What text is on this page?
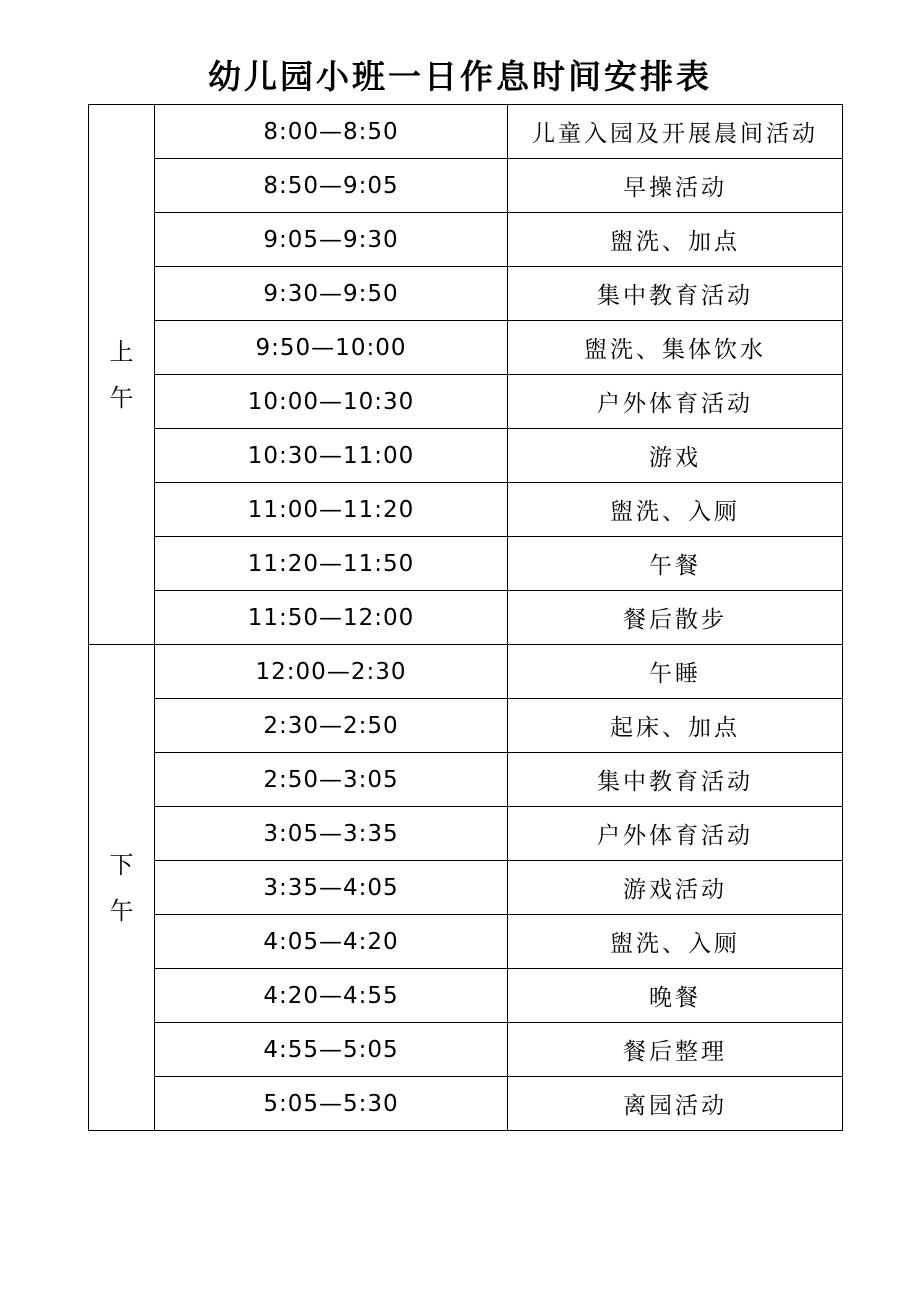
幼儿园小班一日作息时间安排表
上
午	8:00—8:50	儿童入园及开展晨间活动
	8:50—9:05	早操活动
	9:05—9:30	盥洗、加点
	9:30—9:50	集中教育活动
	9:50—10:00	盥洗、集体饮水
	10:00—10:30	户外体育活动
	10:30—11:00	游戏
	11:00—11:20	盥洗、入厕
	11:20—11:50	午餐
	11:50—12:00	餐后散步

下
午	12:00—2:30	午睡
	2:30—2:50	起床、加点
	2:50—3:05	集中教育活动
	3:05—3:35	户外体育活动
	3:35—4:05	游戏活动
	4:05—4:20	盥洗、入厕
	4:20—4:55	晚餐
	4:55—5:05	餐后整理
	5:05—5:30	离园活动
